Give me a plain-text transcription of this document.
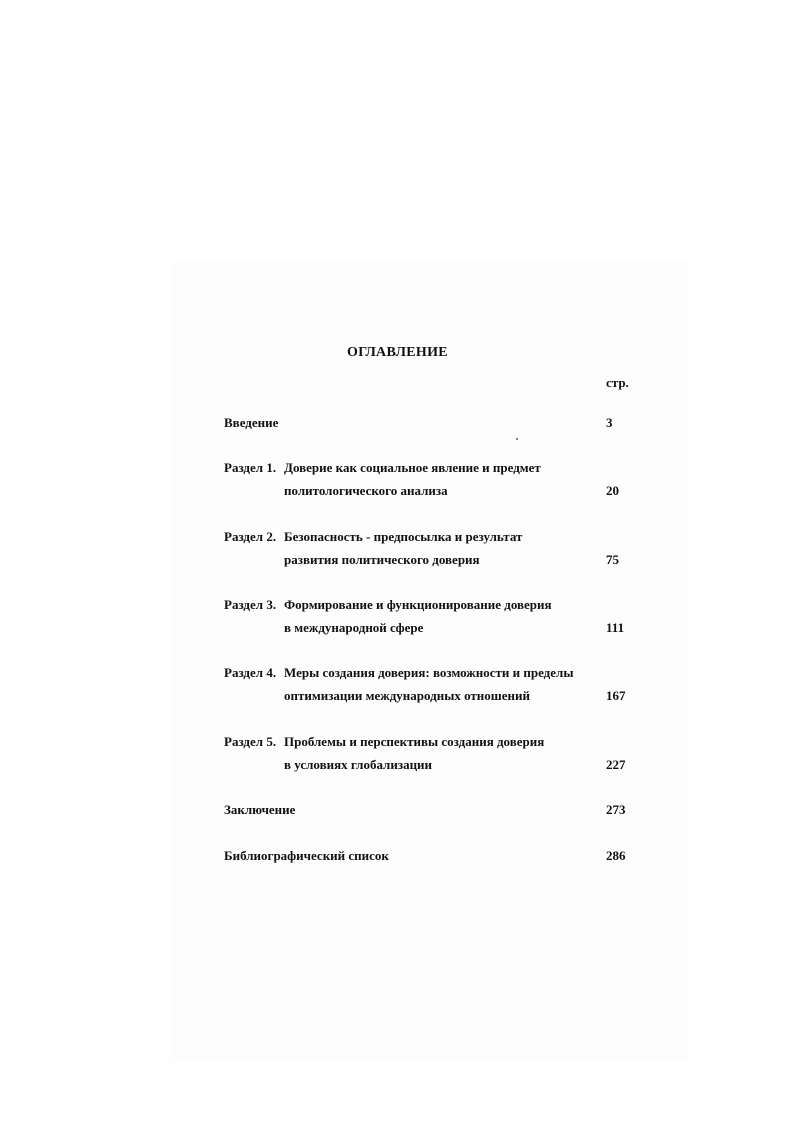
ОГЛАВЛЕНИЕ
стр.
Введение	3
Раздел 1. Доверие как социальное явление и предмет
политологического анализа	20
Раздел 2. Безопасность - предпосылка и результат
развития политического доверия	75
Раздел 3. Формирование и функционирование доверия
в международной сфере	111
Раздел 4. Меры создания доверия: возможности и пределы
оптимизации международных отношений	167
Раздел 5. Проблемы и перспективы создания доверия
в условиях глобализации	227
Заключение	273
Библиографический список	286
